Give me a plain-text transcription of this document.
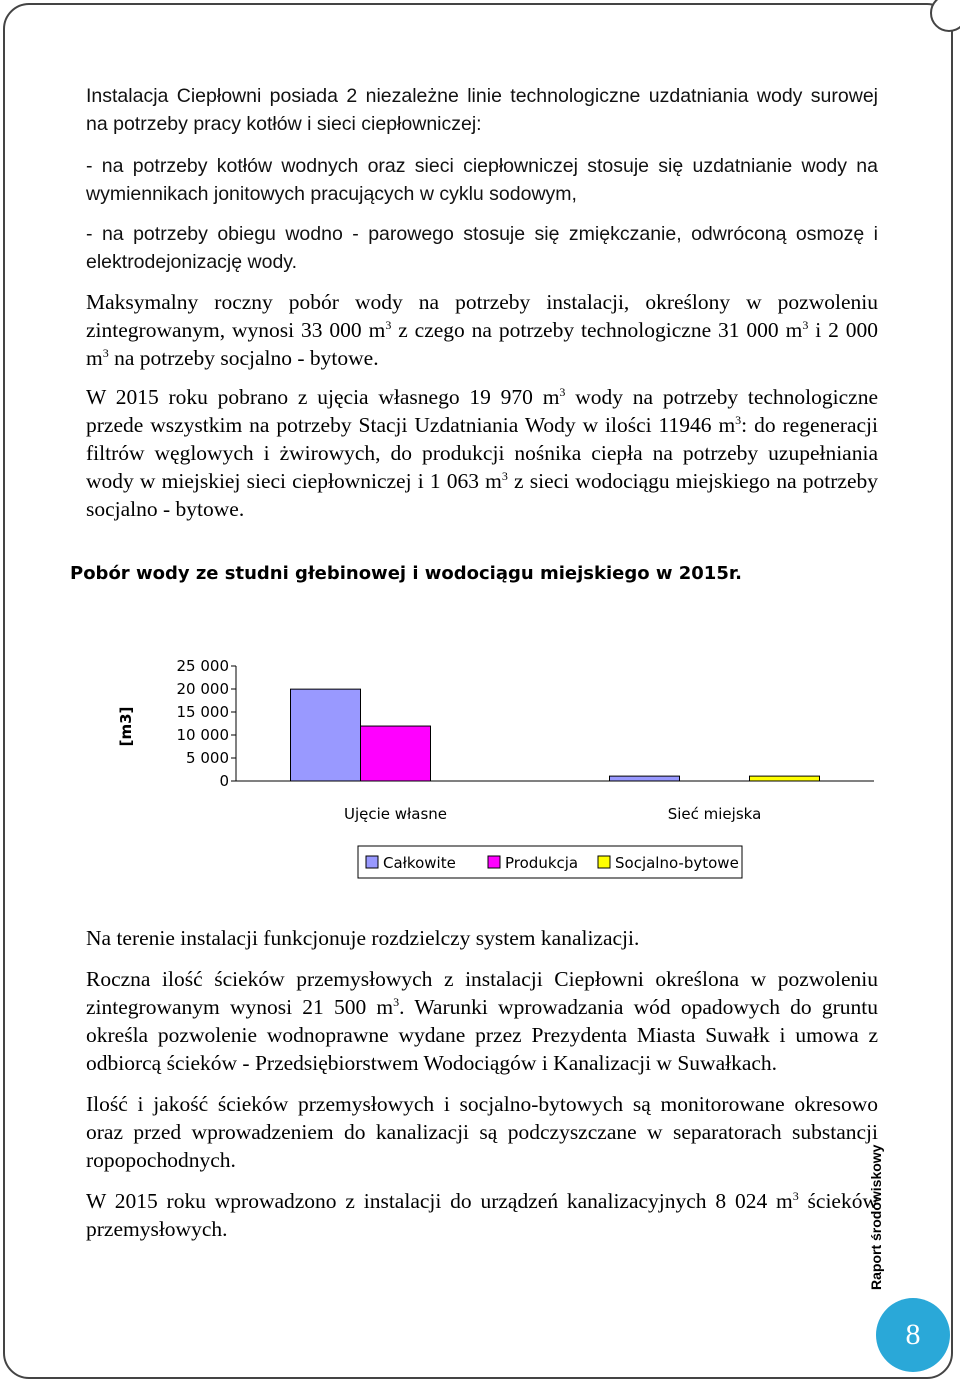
Instalacja Ciepłowni posiada 2 niezależne linie technologiczne uzdatniania wody surowej na potrzeby pracy kotłów i sieci ciepłowniczej:

- na potrzeby kotłów wodnych oraz sieci ciepłowniczej stosuje się uzdatnianie wody na wymiennikach jonitowych pracujących w cyklu sodowym,

- na potrzeby obiegu wodno - parowego stosuje się zmiękczanie, odwróconą osmozę i elektrodejonizację wody.

Maksymalny roczny pobór wody na potrzeby instalacji, określony w pozwoleniu zintegrowanym, wynosi 33 000 $m^3$ z czego na potrzeby technologiczne 31 000 $m^3$ i 2 000 $m^3$ na potrzeby socjalno - bytowe.

W 2015 roku pobrano z ujęcia własnego 19 970 $m^3$ wody na potrzeby technologiczne przede wszystkim na potrzeby Stacji Uzdatniania Wody w ilości 11946 $m^3$: do regeneracji filtrów węglowych i żwirowych, do produkcji nośnika ciepła na potrzeby uzupełniania wody w miejskiej sieci ciepłowniczej i 1 063 $m^3$ z sieci wodociągu miejskiego na potrzeby socjalno - bytowe.

Pobór wody ze studni głebinowej i wodociągu miejskiego w 2015r.
25 000
20 000
15 000
10 000
5 000
0
[m3]
Ujęcie własne	Sieć miejska
Całkowite	Produkcja Socjalno-bytowe

Na terenie instalacji funkcjonuje rozdzielczy system kanalizacji.

Roczna ilość ścieków przemysłowych z instalacji Ciepłowni określona w pozwoleniu zintegrowanym wynosi 21 500 $m^3$. Warunki wprowadzania wód opadowych do gruntu określa pozwolenie wodnoprawne wydane przez Prezydenta Miasta Suwałk i umowa z odbiorcą ścieków - Przedsiębiorstwem Wodociągów i Kanalizacji w Suwałkach.

Ilość i jakość ścieków przemysłowych i socjalno-bytowych są monitorowane okresowo oraz przed wprowadzeniem do kanalizacji są podczyszczane w separatorach substancji ropopochodnych.

W 2015 roku wprowadzono z instalacji do urządzeń kanalizacyjnych 8 024 $m^3$ ścieków przemysłowych.	Raport środowiskowy
8
